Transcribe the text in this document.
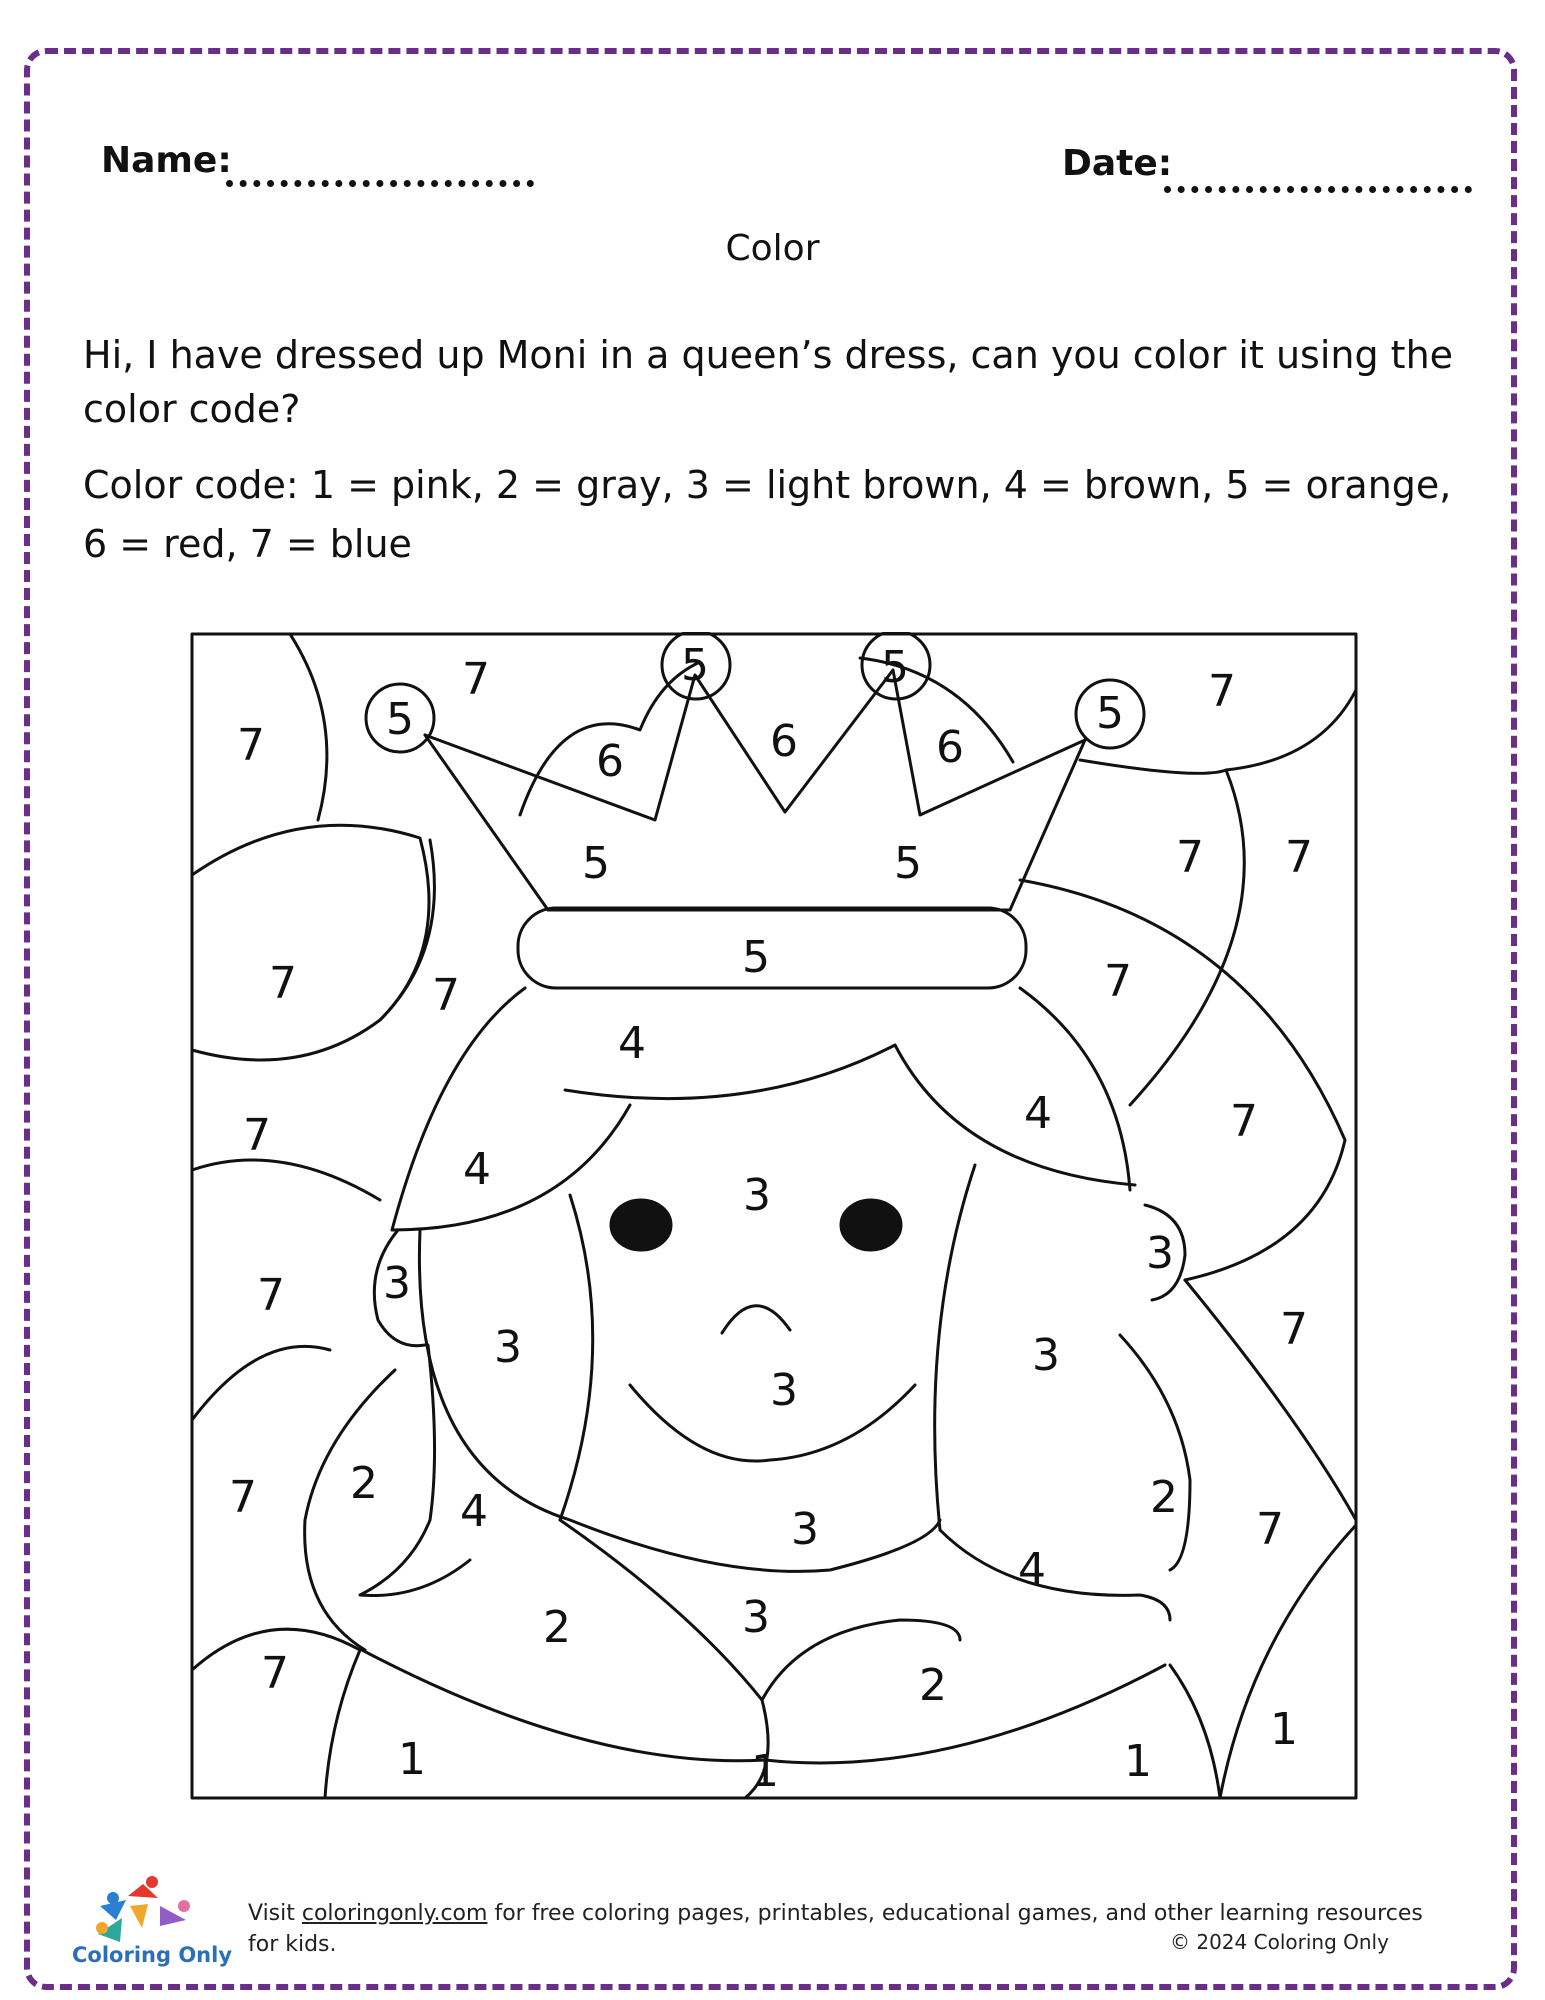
Name:	Date:
Color
Hi, I have dressed up Moni in a queen’s dress, can you color it using the color code?
Color code: 1 = pink, 2 = gray, 3 = light brown, 4 = brown, 5 = orange,
6 = red, 7 = blue
7
5
7	5
6	6
5
6
5 7
5	5	7 7
7	7
5	7
4
4
7	7
4
3
7 3
3
3	3
3
7
2
4	3
2
7
2	3
4
7
2
1	1	1
1
7
Coloring Only
Visit coloringonly.com for free coloring pages, printables, educational games, and other learning resources for kids.	© 2024 Coloring Only
